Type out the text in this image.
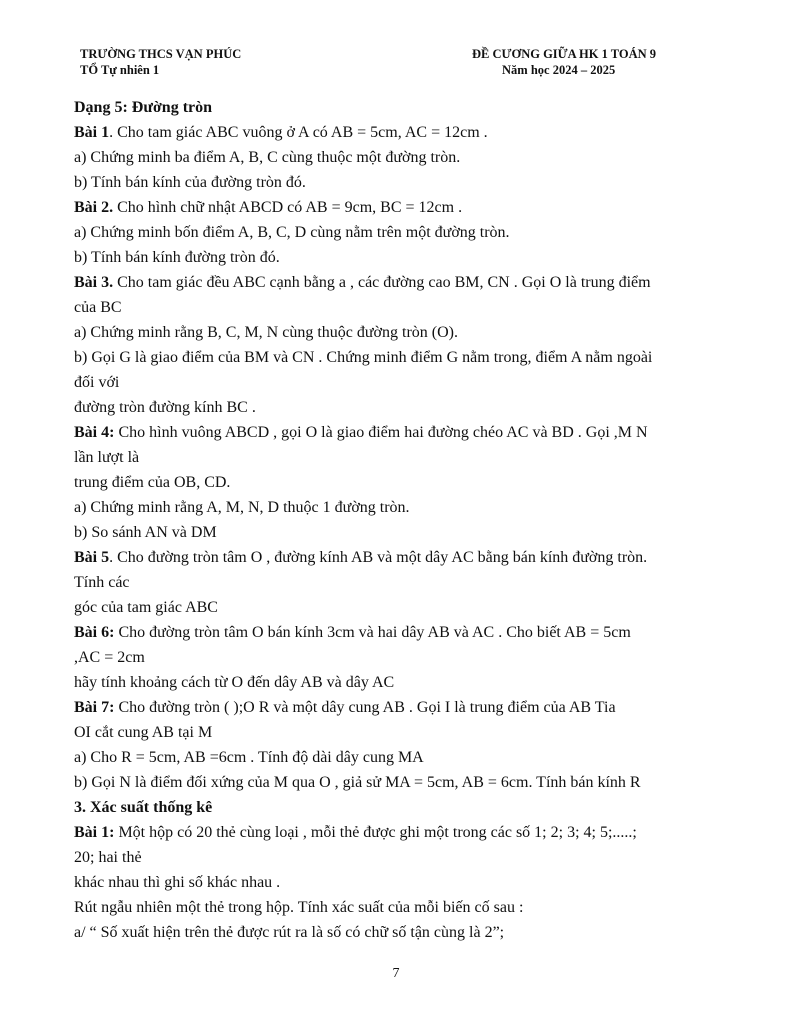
TRƯỜNG THCS VẠN PHÚC
TỔ Tự nhiên 1
ĐỀ CƯƠNG GIỮA HK 1 TOÁN 9
Năm học 2024 – 2025

Dạng 5: Đường tròn

Bài 1. Cho tam giác ABC vuông ở A có AB = 5cm, AC = 12cm .

a) Chứng minh ba điểm A, B, C cùng thuộc một đường tròn.

b) Tính bán kính của đường tròn đó.

Bài 2. Cho hình chữ nhật ABCD có AB = 9cm, BC = 12cm .

a) Chứng minh bốn điểm A, B, C, D cùng nằm trên một đường tròn.

b) Tính bán kính đường tròn đó.

Bài 3. Cho tam giác đều ABC cạnh bằng a , các đường cao BM, CN . Gọi O là trung điểm

của BC

a) Chứng minh rằng B, C, M, N cùng thuộc đường tròn (O).

b) Gọi G là giao điểm của BM và CN . Chứng minh điểm G nằm trong, điểm A nằm ngoài

đối với

đường tròn đường kính BC .

Bài 4: Cho hình vuông ABCD , gọi O là giao điểm hai đường chéo AC và BD . Gọi ,M N

lần lượt là

trung điểm của OB, CD.

a) Chứng minh rằng A, M, N, D thuộc 1 đường tròn.

b) So sánh AN và DM

Bài 5. Cho đường tròn tâm O , đường kính AB và một dây AC bằng bán kính đường tròn.

Tính các

góc của tam giác ABC

Bài 6: Cho đường tròn tâm O bán kính 3cm và hai dây AB và AC . Cho biết AB = 5cm

,AC = 2cm

hãy tính khoảng cách từ O đến dây AB và dây AC

Bài 7: Cho đường tròn ( );O R và một dây cung AB . Gọi I là trung điểm của AB Tia

OI cắt cung AB tại M

a) Cho R = 5cm, AB =6cm . Tính độ dài dây cung MA

b) Gọi N là điểm đối xứng của M qua O , giả sử MA = 5cm, AB = 6cm. Tính bán kính R

3. Xác suất thống kê

Bài 1: Một hộp có 20 thẻ cùng loại , mỗi thẻ được ghi một trong các số 1; 2; 3; 4; 5;.....;

20; hai thẻ

khác nhau thì ghi số khác nhau .

Rút ngẫu nhiên một thẻ trong hộp. Tính xác suất của mỗi biến cố sau :

a/ “ Số xuất hiện trên thẻ được rút ra là số có chữ số tận cùng là 2”;

7
